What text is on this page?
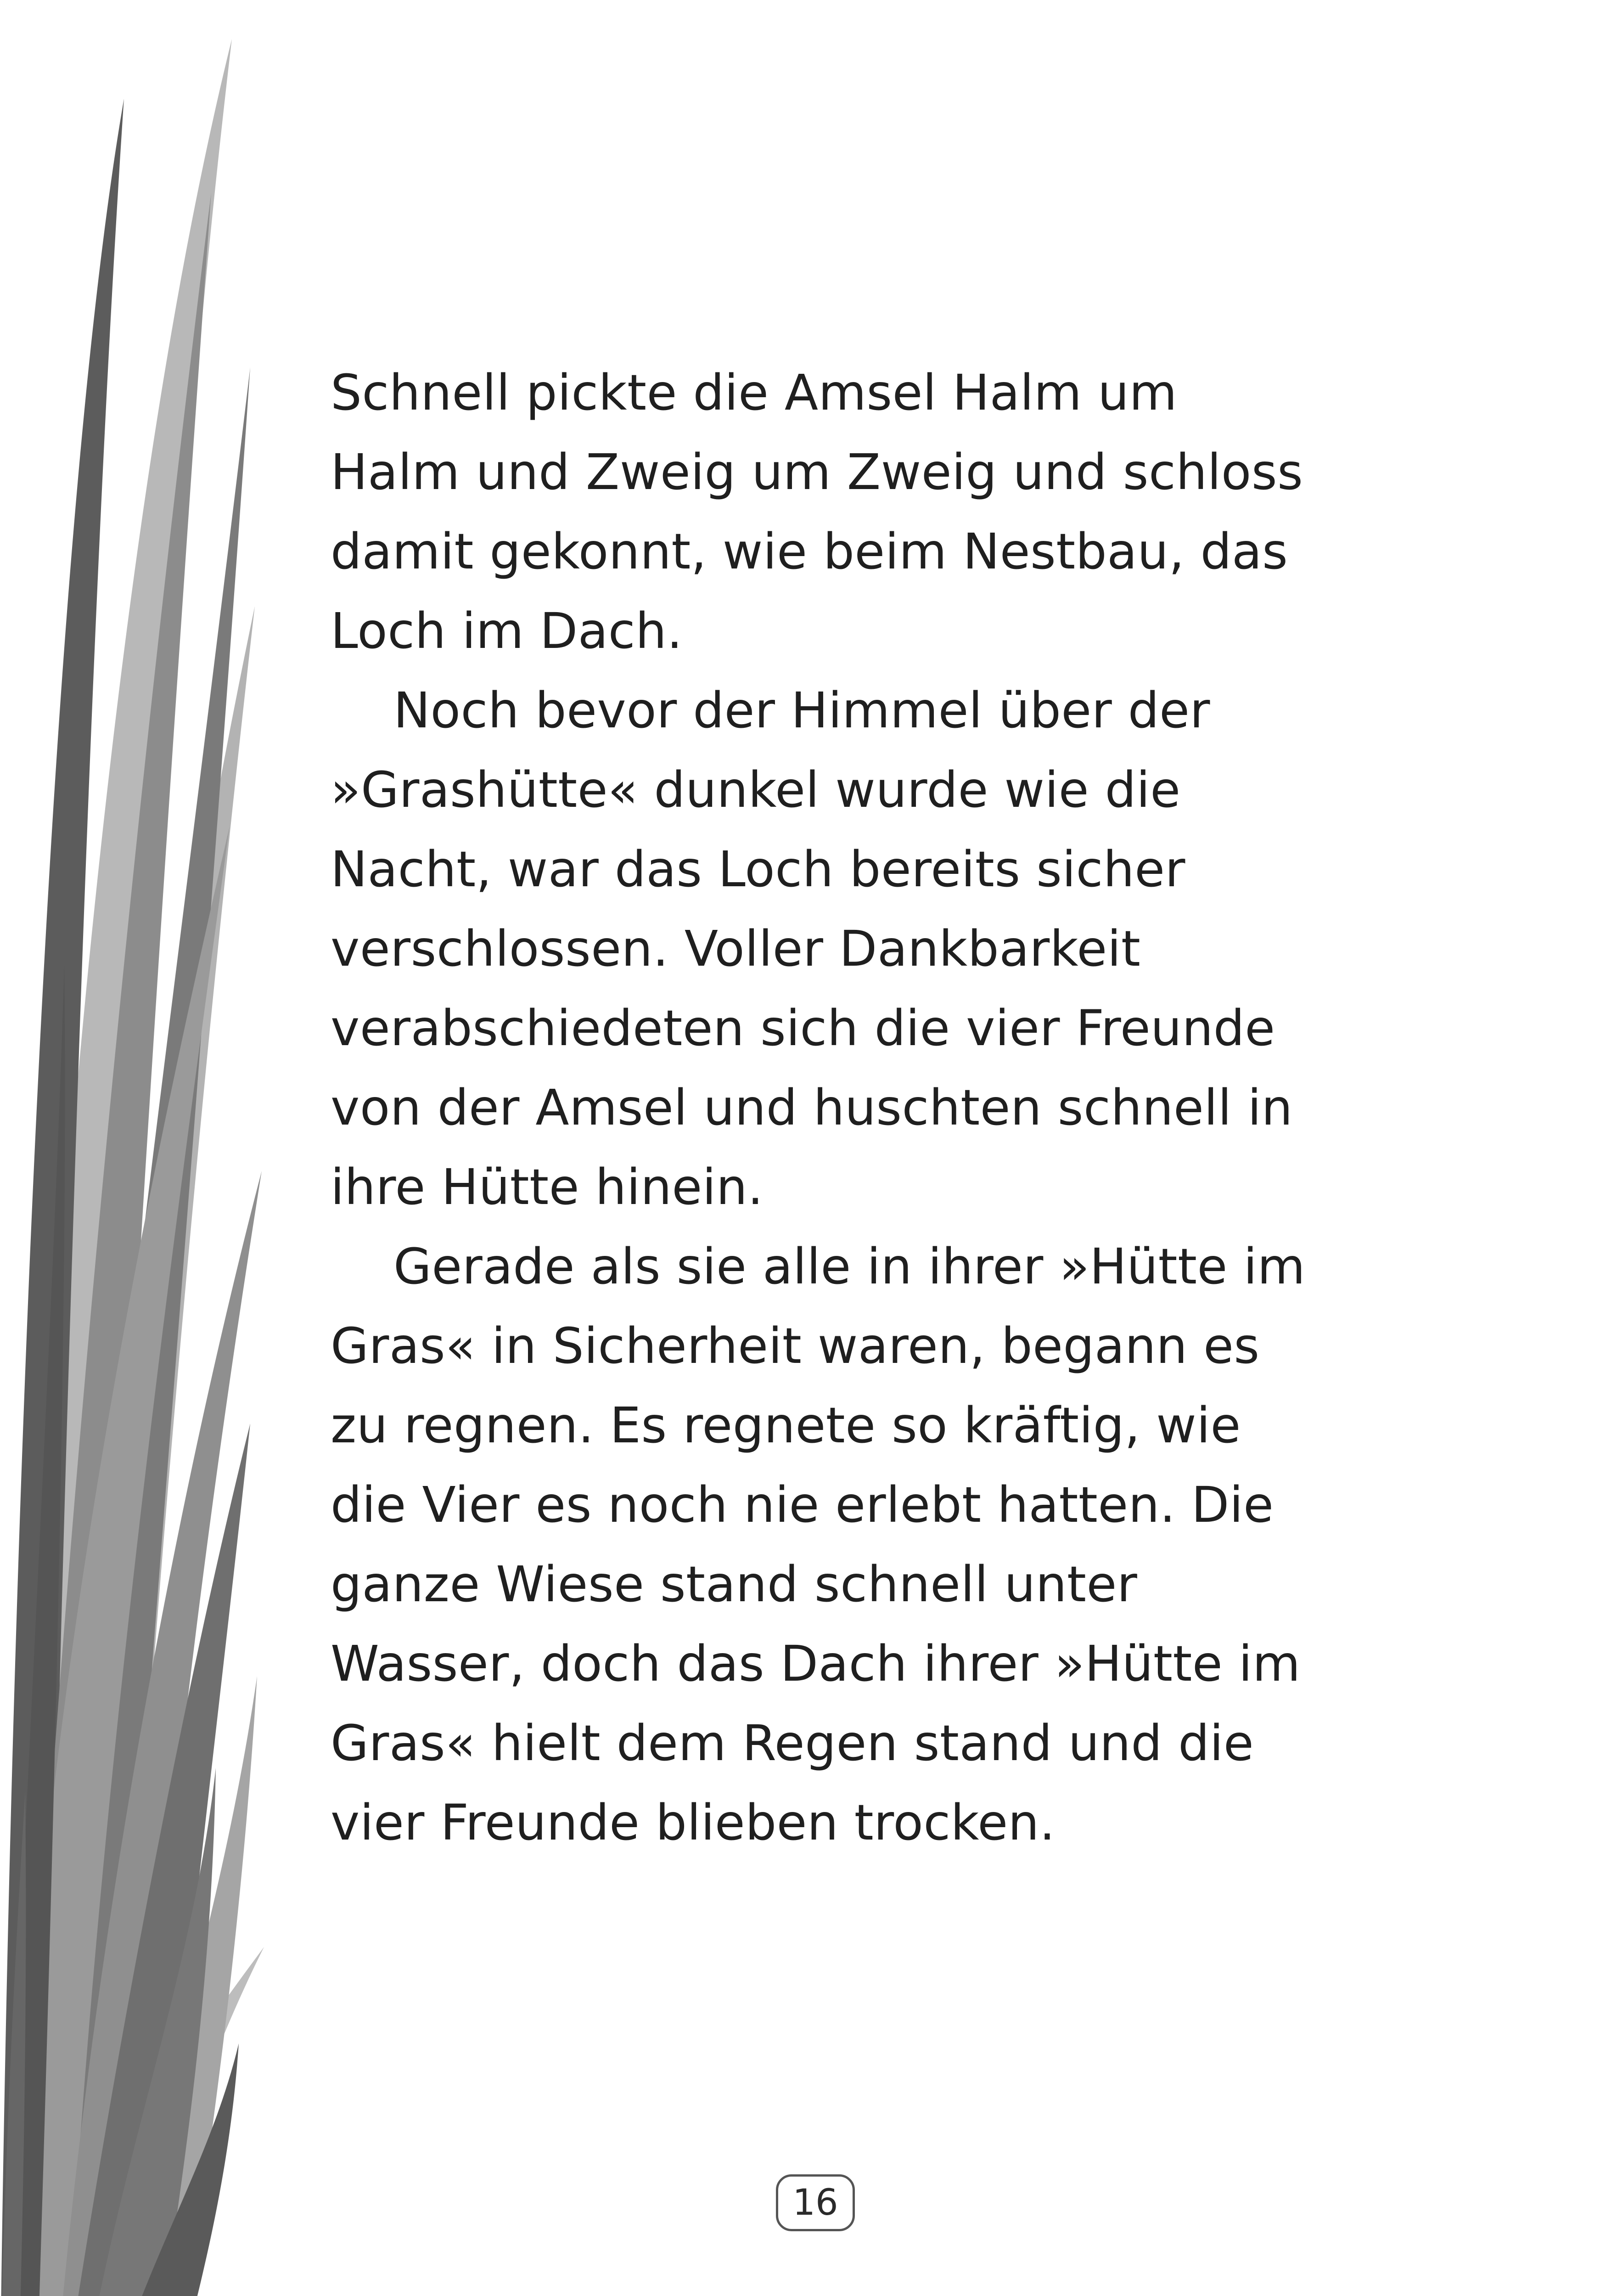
Schnell pickte die Amsel Halm um
Halm und Zweig um Zweig und schloss
damit gekonnt, wie beim Nestbau, das
Loch im Dach.
Noch bevor der Himmel über der
»Grashütte« dunkel wurde wie die
Nacht, war das Loch bereits sicher
verschlossen. Voller Dankbarkeit
verabschiedeten sich die vier Freunde
von der Amsel und huschten schnell in
ihre Hütte hinein.
Gerade als sie alle in ihrer »Hütte im
Gras« in Sicherheit waren, begann es
zu regnen. Es regnete so kräftig, wie
die Vier es noch nie erlebt hatten. Die
ganze Wiese stand schnell unter
Wasser, doch das Dach ihrer »Hütte im
Gras« hielt dem Regen stand und die
vier Freunde blieben trocken.
16
